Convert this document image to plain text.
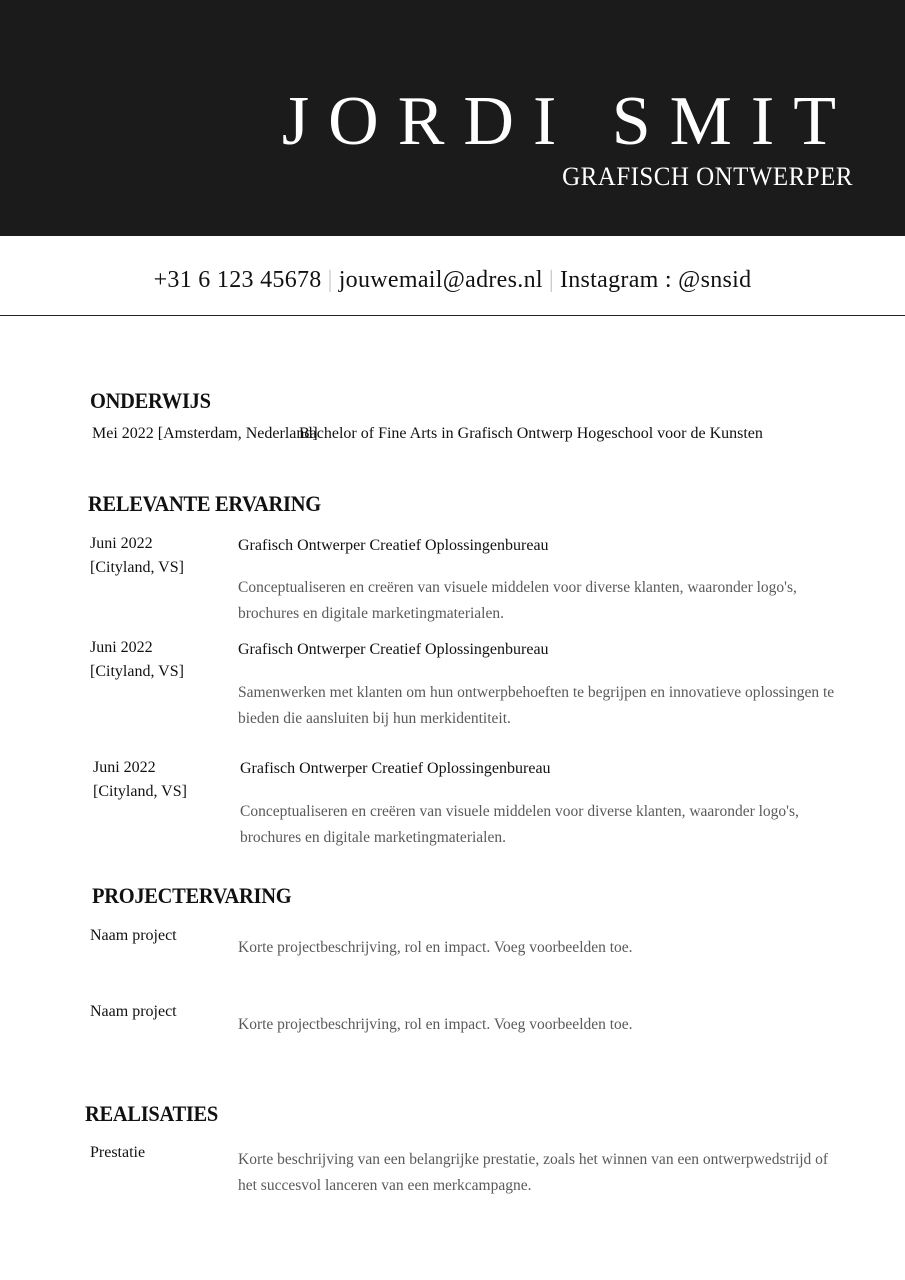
JORDI SMIT
GRAFISCH ONTWERPER
+31 6 123 45678 | jouwemail@adres.nl | Instagram : @snsid
ONDERWIJS
Mei 2022 [Amsterdam, Nederland]
Bachelor of Fine Arts in Grafisch Ontwerp Hogeschool voor de Kunsten
RELEVANTE ERVARING
Juni 2022
[Cityland, VS]
Grafisch Ontwerper Creatief Oplossingenbureau
Conceptualiseren en creëren van visuele middelen voor diverse klanten, waaronder logo's, brochures en digitale marketingmaterialen.
Juni 2022
[Cityland, VS]
Grafisch Ontwerper Creatief Oplossingenbureau
Samenwerken met klanten om hun ontwerpbehoeften te begrijpen en innovatieve oplossingen te bieden die aansluiten bij hun merkidentiteit.
Juni 2022
[Cityland, VS]
Grafisch Ontwerper Creatief Oplossingenbureau
Conceptualiseren en creëren van visuele middelen voor diverse klanten, waaronder logo's, brochures en digitale marketingmaterialen.
PROJECTERVARING
Naam project
Korte projectbeschrijving, rol en impact. Voeg voorbeelden toe.
Naam project
Korte projectbeschrijving, rol en impact. Voeg voorbeelden toe.
REALISATIES
Prestatie	Korte beschrijving van een belangrijke prestatie, zoals het winnen van een ontwerpwedstrijd of het succesvol lanceren van een merkcampagne.
